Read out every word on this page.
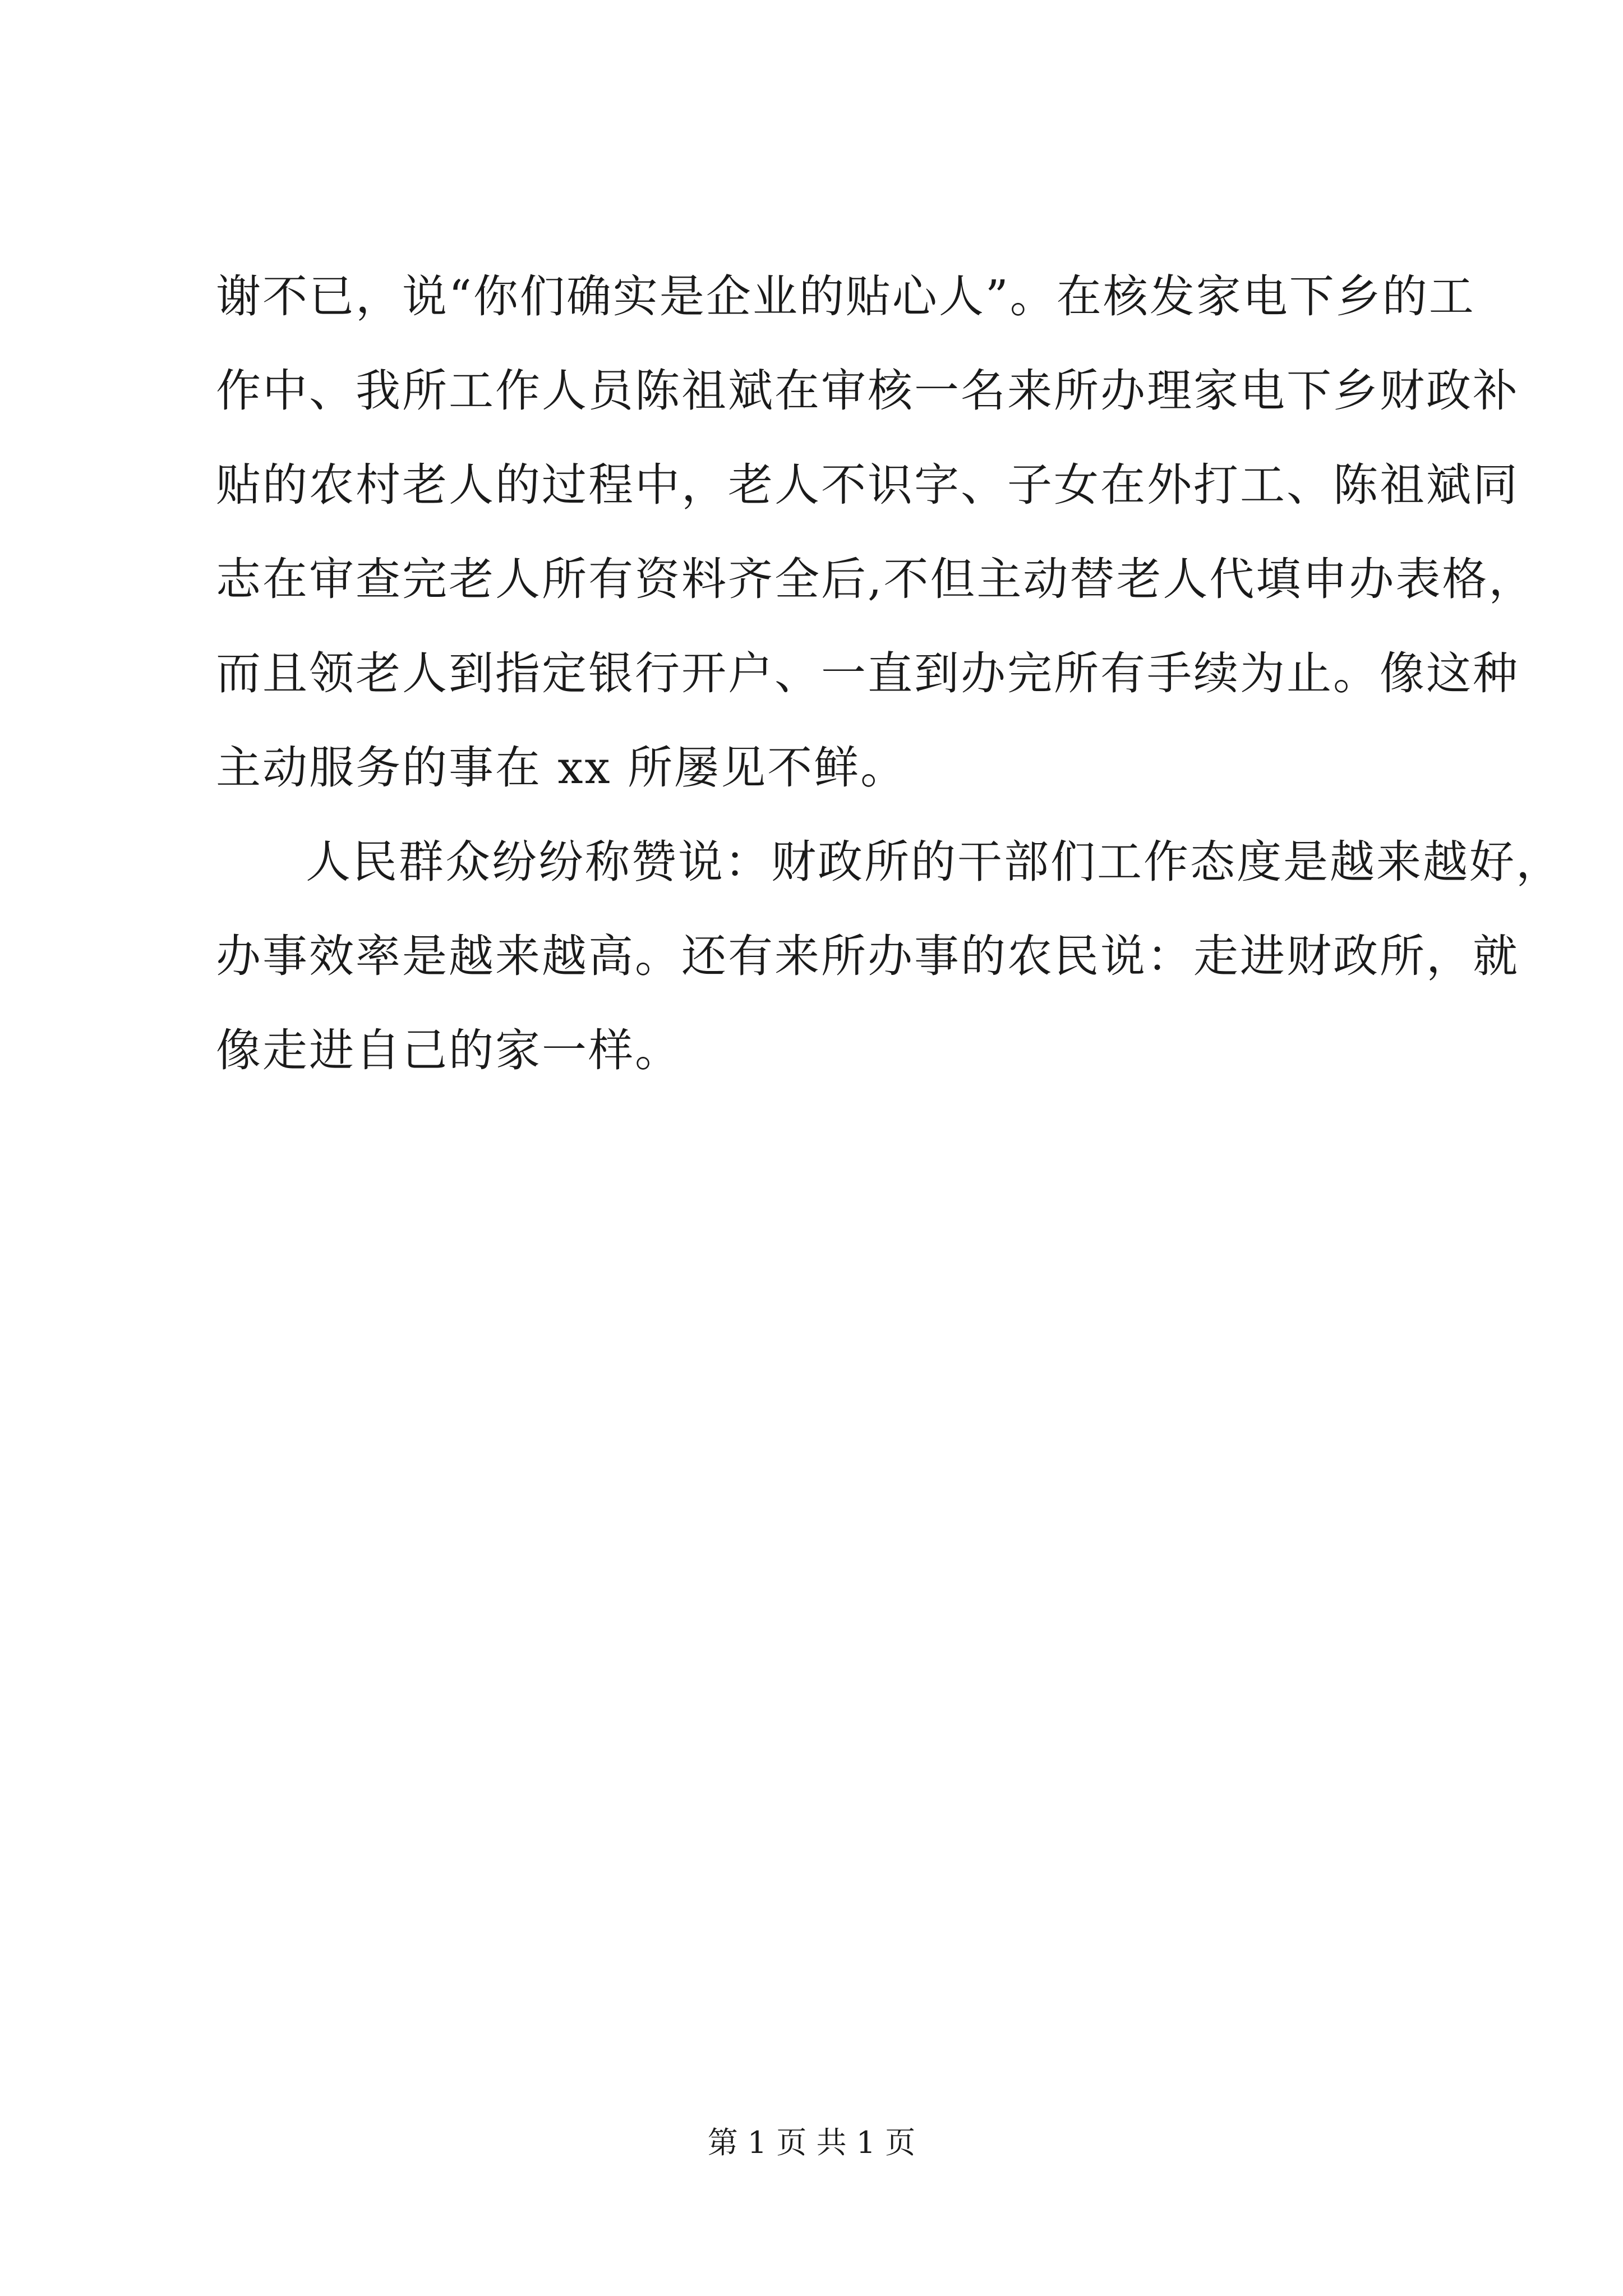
谢不已，说“你们确实是企业的贴心人”。在核发家电下乡的工
作中、我所工作人员陈祖斌在审核一名来所办理家电下乡财政补
贴的农村老人的过程中，老人不识字、子女在外打工、陈祖斌同
志在审查完老人所有资料齐全后,不但主动替老人代填申办表格，
而且领老人到指定银行开户、一直到办完所有手续为止。像这种
主动服务的事在 xx 所屡见不鲜。
人民群众纷纷称赞说：财政所的干部们工作态度是越来越好，
办事效率是越来越高。还有来所办事的农民说：走进财政所，就
像走进自己的家一样。
第 1 页 共 1 页
